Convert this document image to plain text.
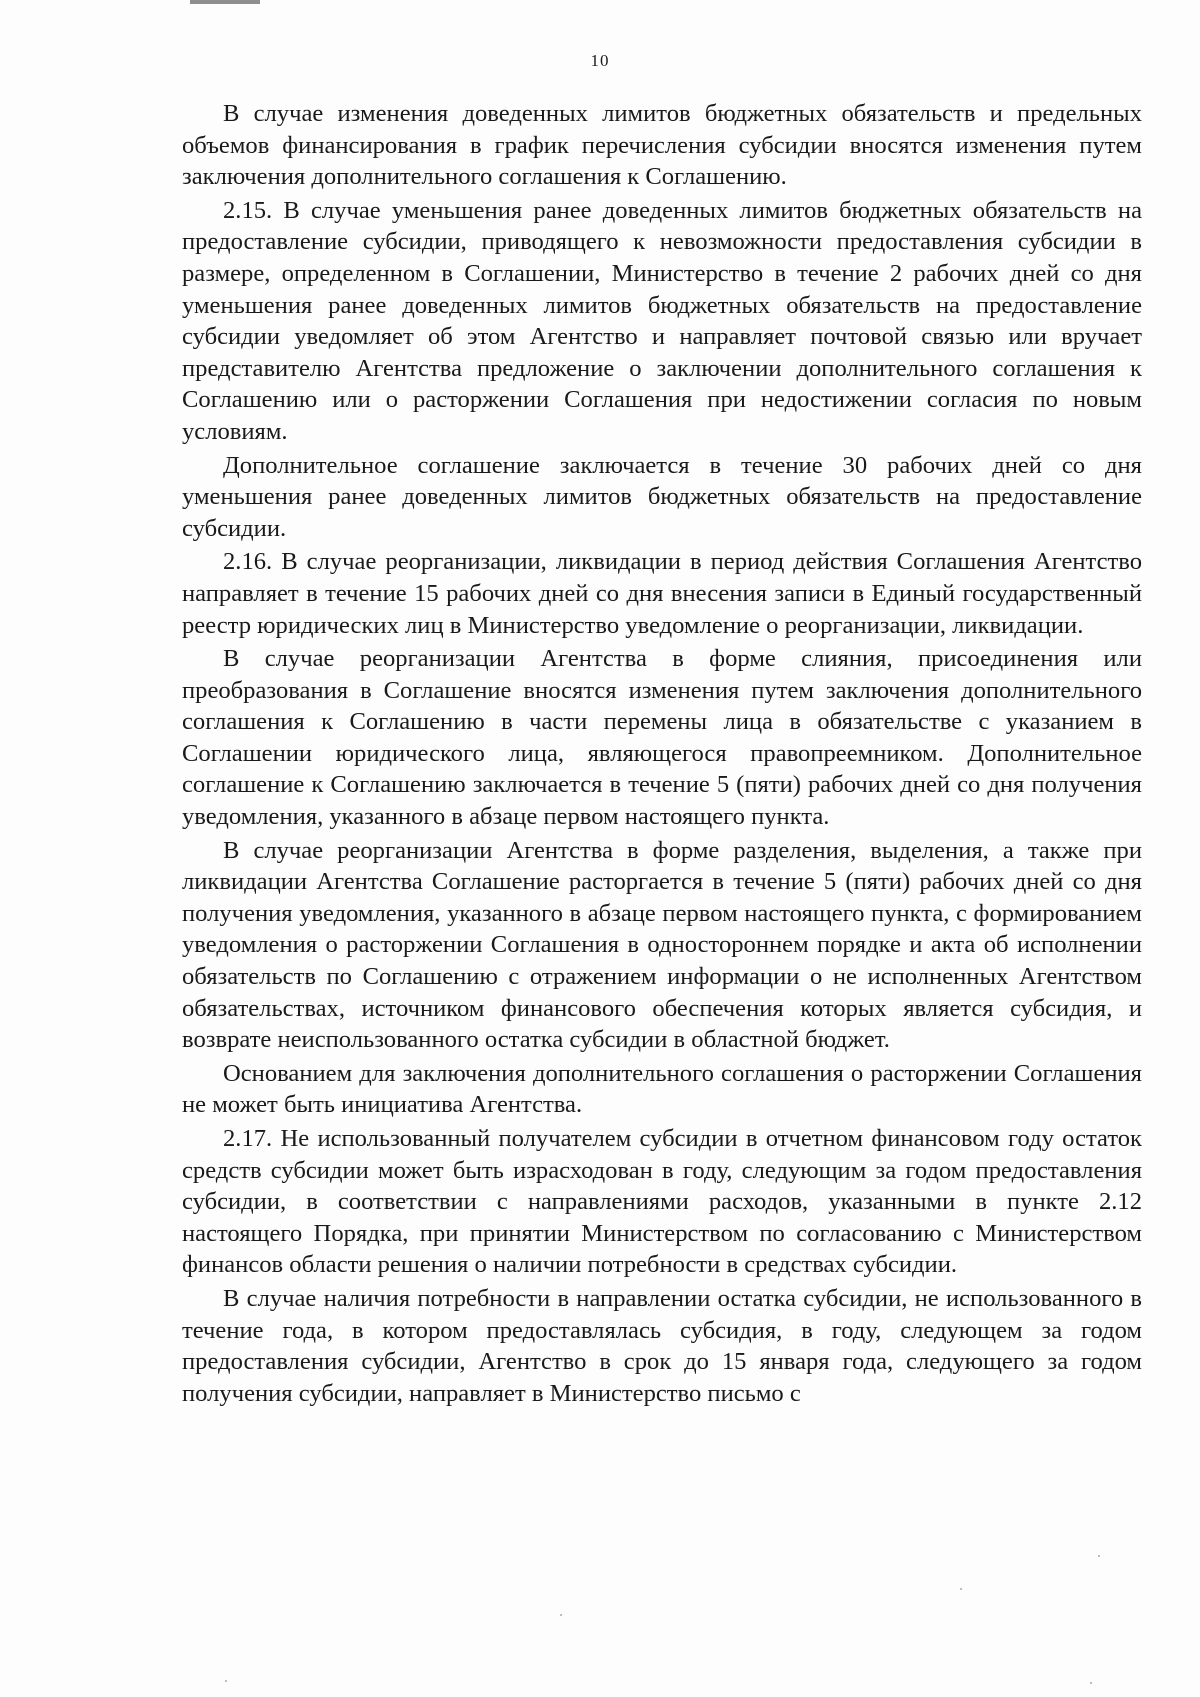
10

В случае изменения доведенных лимитов бюджетных обязательств и предельных объемов финансирования в график перечисления субсидии вносятся изменения путем заключения дополнительного соглашения к Соглашению.

2.15. В случае уменьшения ранее доведенных лимитов бюджетных обязательств на предоставление субсидии, приводящего к невозможности предоставления субсидии в размере, определенном в Соглашении, Министерство в течение 2 рабочих дней со дня уменьшения ранее доведенных лимитов бюджетных обязательств на предоставление субсидии уведомляет об этом Агентство и направляет почтовой связью или вручает представителю Агентства предложение о заключении дополнительного соглашения к Соглашению или о расторжении Соглашения при недостижении согласия по новым условиям.

Дополнительное соглашение заключается в течение 30 рабочих дней со дня уменьшения ранее доведенных лимитов бюджетных обязательств на предоставление субсидии.

2.16. В случае реорганизации, ликвидации в период действия Соглашения Агентство направляет в течение 15 рабочих дней со дня внесения записи в Единый государственный реестр юридических лиц в Министерство уведомление о реорганизации, ликвидации.

В случае реорганизации Агентства в форме слияния, присоединения или преобразования в Соглашение вносятся изменения путем заключения дополнительного соглашения к Соглашению в части перемены лица в обязательстве с указанием в Соглашении юридического лица, являющегося правопреемником. Дополнительное соглашение к Соглашению заключается в течение 5 (пяти) рабочих дней со дня получения уведомления, указанного в абзаце первом настоящего пункта.

В случае реорганизации Агентства в форме разделения, выделения, а также при ликвидации Агентства Соглашение расторгается в течение 5 (пяти) рабочих дней со дня получения уведомления, указанного в абзаце первом настоящего пункта, с формированием уведомления о расторжении Соглашения в одностороннем порядке и акта об исполнении обязательств по Соглашению с отражением информации о не исполненных Агентством обязательствах, источником финансового обеспечения которых является субсидия, и возврате неиспользованного остатка субсидии в областной бюджет.

Основанием для заключения дополнительного соглашения о расторжении Соглашения не может быть инициатива Агентства.

2.17. Не использованный получателем субсидии в отчетном финансовом году остаток средств субсидии может быть израсходован в году, следующим за годом предоставления субсидии, в соответствии с направлениями расходов, указанными в пункте 2.12 настоящего Порядка, при принятии Министерством по согласованию с Министерством финансов области решения о наличии потребности в средствах субсидии.

В случае наличия потребности в направлении остатка субсидии, не использованного в течение года, в котором предоставлялась субсидия, в году, следующем за годом предоставления субсидии, Агентство в срок до 15 января года, следующего за годом получения субсидии, направляет в Министерство письмо с
